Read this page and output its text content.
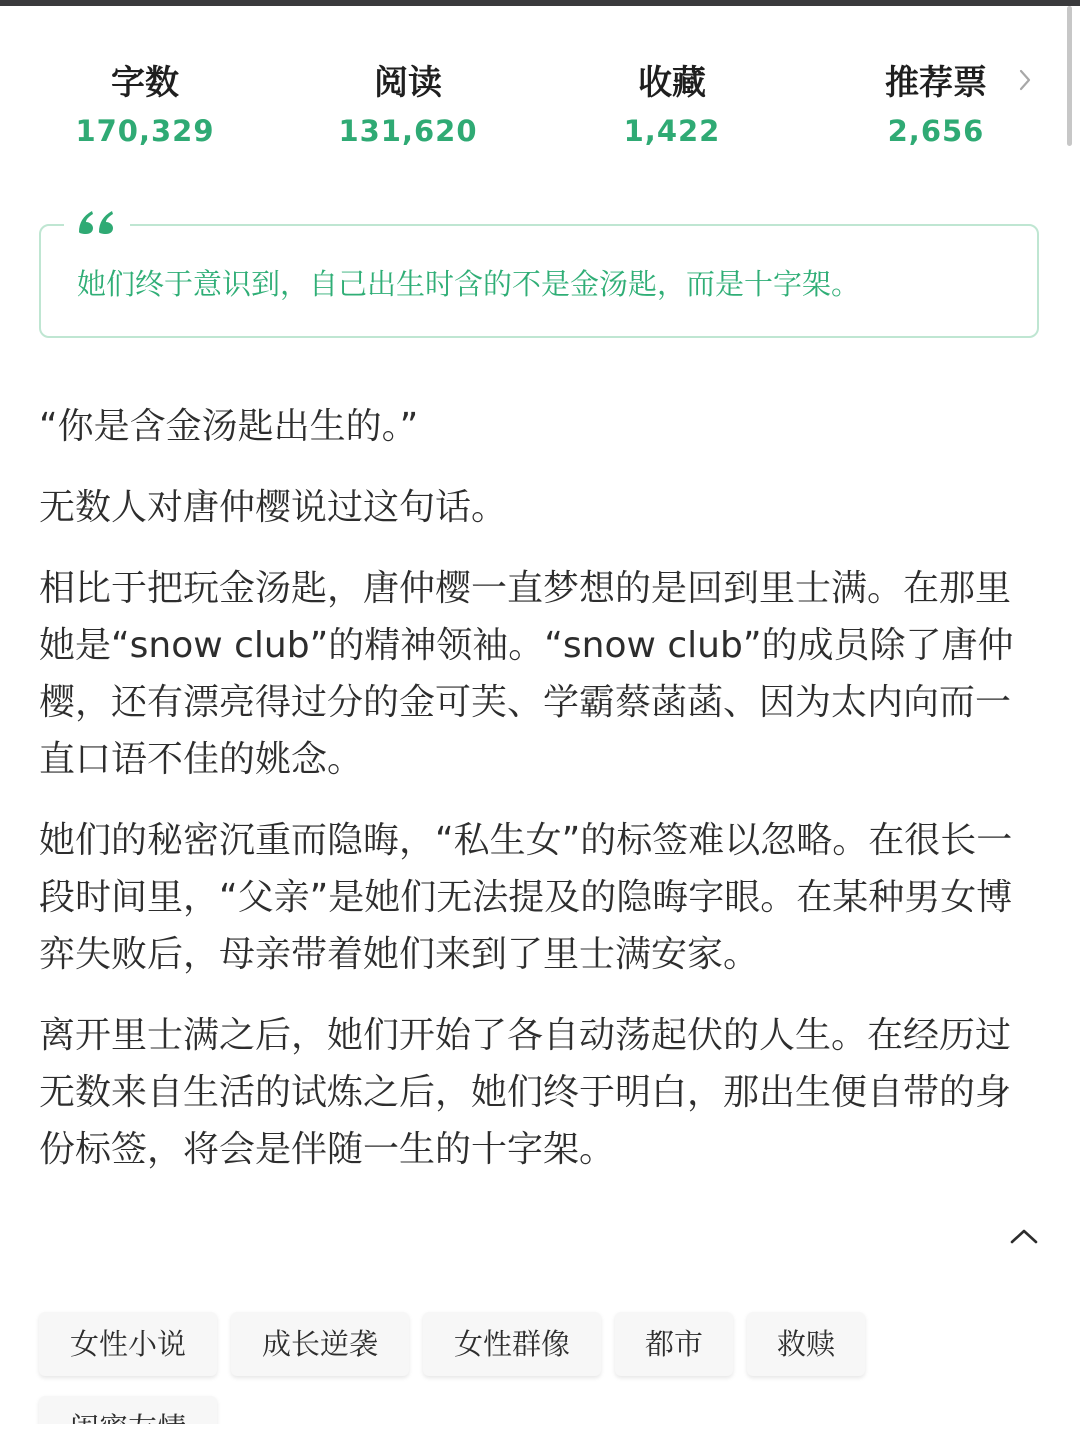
字数
170,329
阅读
131,620
收藏
1,422
推荐票
2,656
她们终于意识到，自己出生时含的不是金汤匙，而是十字架。

“你是含金汤匙出生的。”

无数人对唐仲樱说过这句话。

相比于把玩金汤匙，唐仲樱一直梦想的是回到里士满。在那里她是“snow club”的精神领袖。“snow club”的成员除了唐仲樱，还有漂亮得过分的金可芙、学霸蔡菡菡、因为太内向而一直口语不佳的姚念。

她们的秘密沉重而隐晦，“私生女”的标签难以忽略。在很长一段时间里，“父亲”是她们无法提及的隐晦字眼。在某种男女博弈失败后，母亲带着她们来到了里士满安家。

离开里士满之后，她们开始了各自动荡起伏的人生。在经历过无数来自生活的试炼之后，她们终于明白，那出生便自带的身份标签，将会是伴随一生的十字架。

女性小说	成长逆袭	女性群像	都市	救赎
